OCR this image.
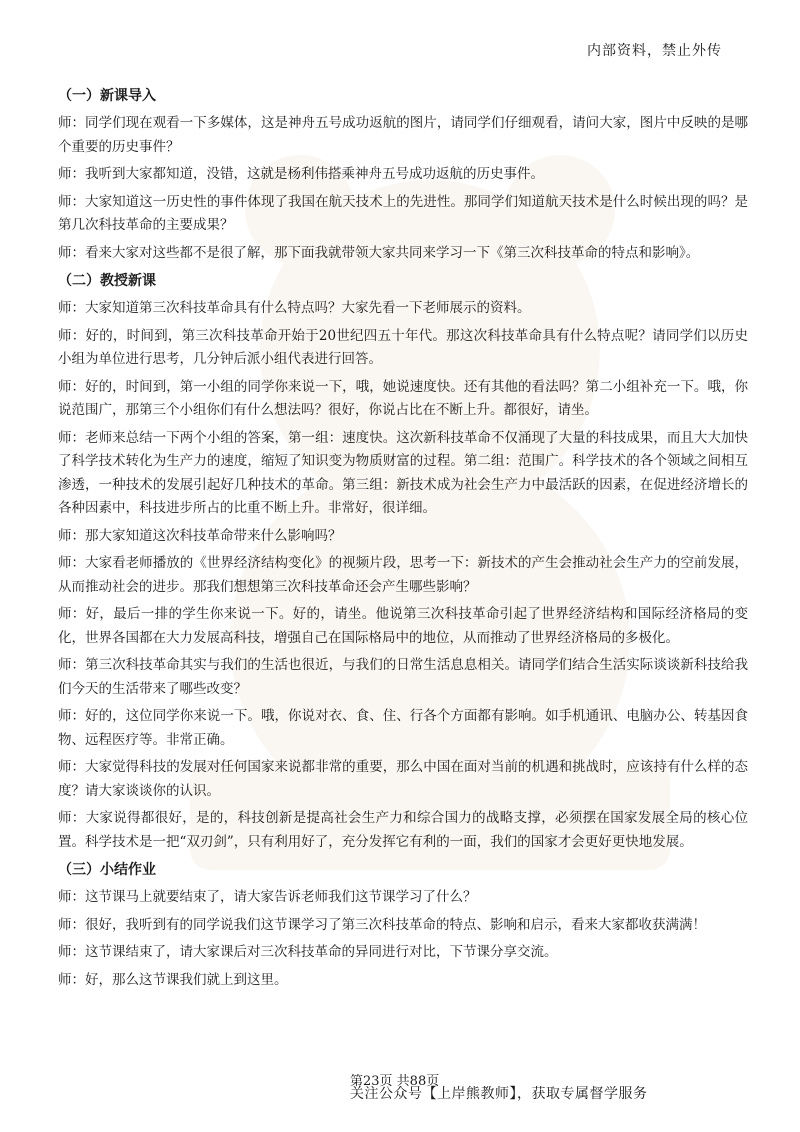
内部资料，禁止外传
（一）新课导入

师：同学们现在观看一下多媒体，这是神舟五号成功返航的图片，请同学们仔细观看，请问大家，图片中反映的是哪个重要的历史事件？

师：我听到大家都知道，没错，这就是杨利伟搭乘神舟五号成功返航的历史事件。

师：大家知道这一历史性的事件体现了我国在航天技术上的先进性。那同学们知道航天技术是什么时候出现的吗？是第几次科技革命的主要成果？

师：看来大家对这些都不是很了解，那下面我就带领大家共同来学习一下《第三次科技革命的特点和影响》。

（二）教授新课

师：大家知道第三次科技革命具有什么特点吗？大家先看一下老师展示的资料。

师：好的，时间到，第三次科技革命开始于20世纪四五十年代。那这次科技革命具有什么特点呢？请同学们以历史小组为单位进行思考，几分钟后派小组代表进行回答。

师：好的，时间到，第一小组的同学你来说一下，哦，她说速度快。还有其他的看法吗？第二小组补充一下。哦，你说范围广，那第三个小组你们有什么想法吗？很好，你说占比在不断上升。都很好，请坐。

师：老师来总结一下两个小组的答案，第一组：速度快。这次新科技革命不仅涌现了大量的科技成果，而且大大加快了科学技术转化为生产力的速度，缩短了知识变为物质财富的过程。第二组：范围广。科学技术的各个领域之间相互渗透，一种技术的发展引起好几种技术的革命。第三组：新技术成为社会生产力中最活跃的因素，在促进经济增长的各种因素中，科技进步所占的比重不断上升。非常好，很详细。

师：那大家知道这次科技革命带来什么影响吗？

师：大家看老师播放的《世界经济结构变化》的视频片段，思考一下：新技术的产生会推动社会生产力的空前发展，从而推动社会的进步。那我们想想第三次科技革命还会产生哪些影响？

师：好，最后一排的学生你来说一下。好的，请坐。他说第三次科技革命引起了世界经济结构和国际经济格局的变化，世界各国都在大力发展高科技，增强自己在国际格局中的地位，从而推动了世界经济格局的多极化。

师：第三次科技革命其实与我们的生活也很近，与我们的日常生活息息相关。请同学们结合生活实际谈谈新科技给我们今天的生活带来了哪些改变？

师：好的，这位同学你来说一下。哦，你说对衣、食、住、行各个方面都有影响。如手机通讯、电脑办公、转基因食物、远程医疗等。非常正确。

师：大家觉得科技的发展对任何国家来说都非常的重要，那么中国在面对当前的机遇和挑战时，应该持有什么样的态度？请大家谈谈你的认识。

师：大家说得都很好，是的，科技创新是提高社会生产力和综合国力的战略支撑，必须摆在国家发展全局的核心位置。科学技术是一把“双刃剑”，只有利用好了，充分发挥它有利的一面，我们的国家才会更好更快地发展。

（三）小结作业

师：这节课马上就要结束了，请大家告诉老师我们这节课学习了什么？

师：很好，我听到有的同学说我们这节课学习了第三次科技革命的特点、影响和启示，看来大家都收获满满！

师：这节课结束了，请大家课后对三次科技革命的异同进行对比，下节课分享交流。

师：好，那么这节课我们就上到这里。

第23页 共88页
关注公众号【上岸熊教师】，获取专属督学服务
